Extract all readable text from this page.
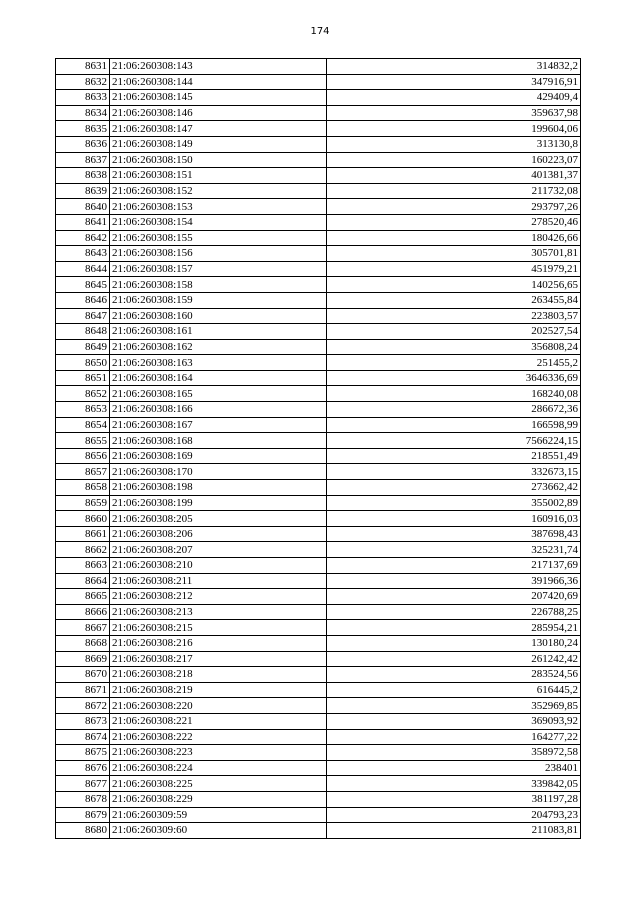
174
8631	21:06:260308:143	314832,2
8632	21:06:260308:144	347916,91
8633	21:06:260308:145	429409,4
8634	21:06:260308:146	359637,98
8635	21:06:260308:147	199604,06
8636	21:06:260308:149	313130,8
8637	21:06:260308:150	160223,07
8638	21:06:260308:151	401381,37
8639	21:06:260308:152	211732,08
8640	21:06:260308:153	293797,26
8641	21:06:260308:154	278520,46
8642	21:06:260308:155	180426,66
8643	21:06:260308:156	305701,81
8644	21:06:260308:157	451979,21
8645	21:06:260308:158	140256,65
8646	21:06:260308:159	263455,84
8647	21:06:260308:160	223803,57
8648	21:06:260308:161	202527,54
8649	21:06:260308:162	356808,24
8650	21:06:260308:163	251455,2
8651	21:06:260308:164	3646336,69
8652	21:06:260308:165	168240,08
8653	21:06:260308:166	286672,36
8654	21:06:260308:167	166598,99
8655	21:06:260308:168	7566224,15
8656	21:06:260308:169	218551,49
8657	21:06:260308:170	332673,15
8658	21:06:260308:198	273662,42
8659	21:06:260308:199	355002,89
8660	21:06:260308:205	160916,03
8661	21:06:260308:206	387698,43
8662	21:06:260308:207	325231,74
8663	21:06:260308:210	217137,69
8664	21:06:260308:211	391966,36
8665	21:06:260308:212	207420,69
8666	21:06:260308:213	226788,25
8667	21:06:260308:215	285954,21
8668	21:06:260308:216	130180,24
8669	21:06:260308:217	261242,42
8670	21:06:260308:218	283524,56
8671	21:06:260308:219	616445,2
8672	21:06:260308:220	352969,85
8673	21:06:260308:221	369093,92
8674	21:06:260308:222	164277,22
8675	21:06:260308:223	358972,58
8676	21:06:260308:224	238401
8677	21:06:260308:225	339842,05
8678	21:06:260308:229	381197,28
8679	21:06:260309:59	204793,23
8680	21:06:260309:60	211083,81
